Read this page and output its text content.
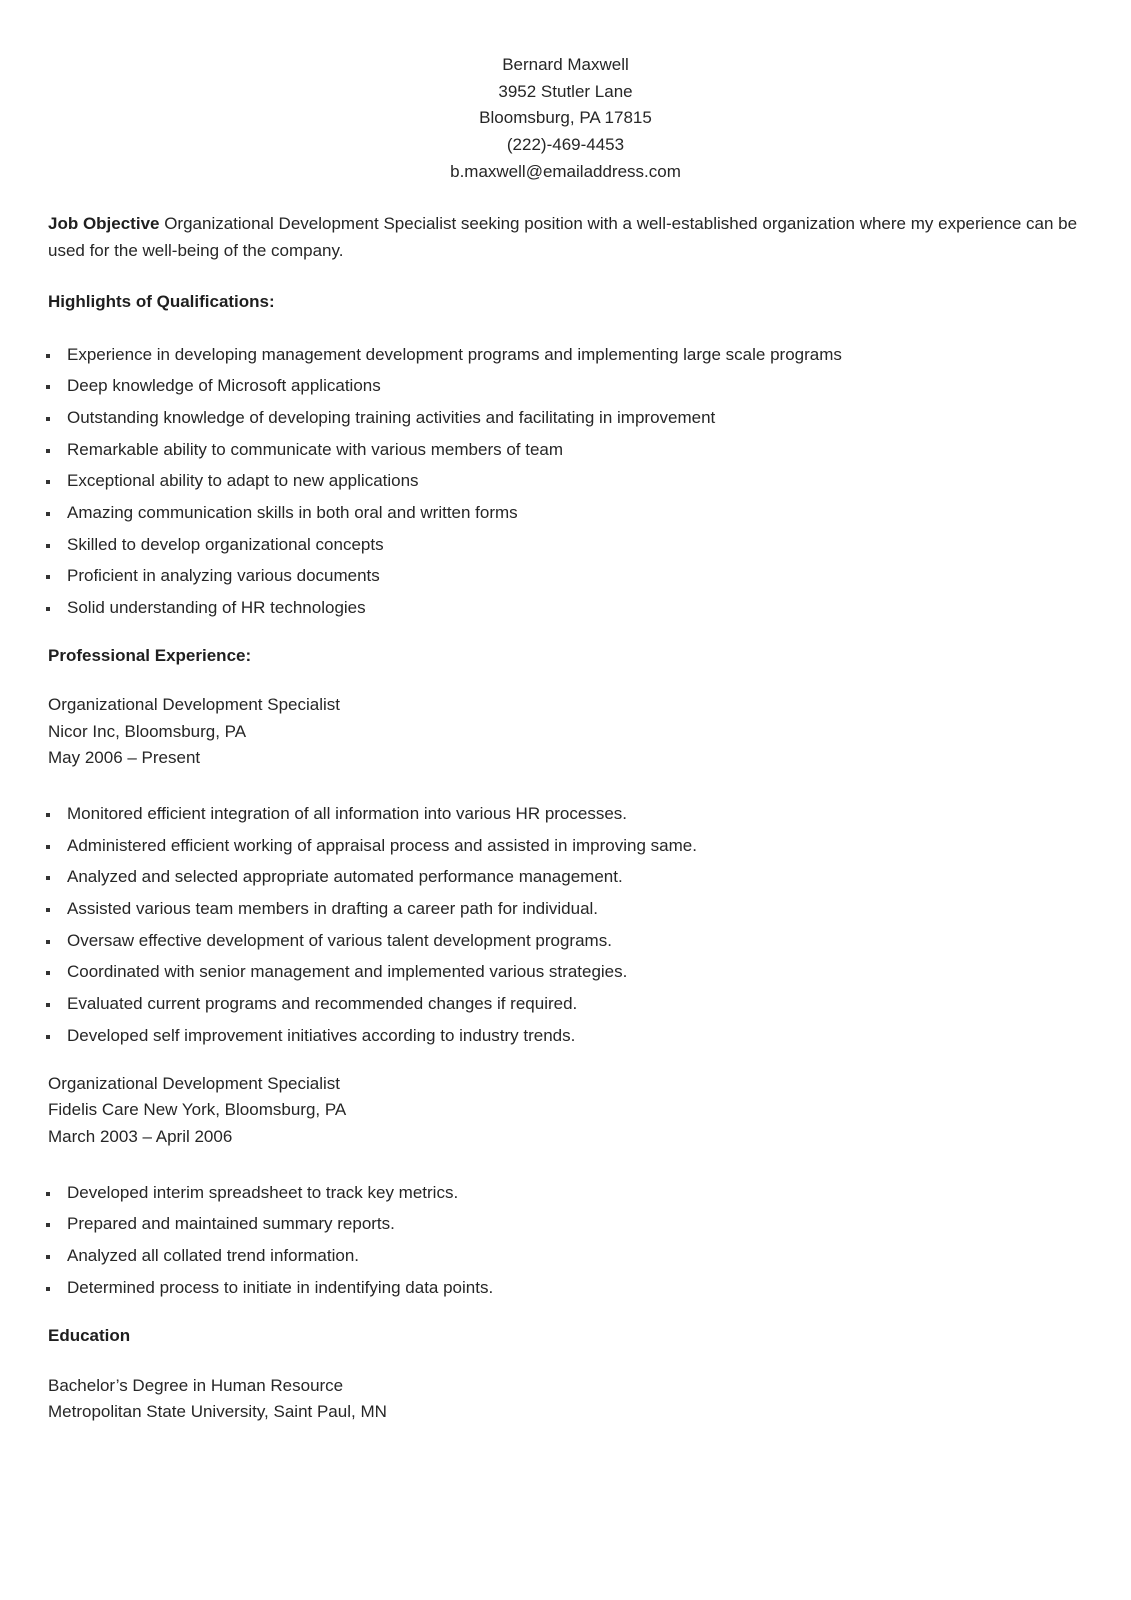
Bernard Maxwell
3952 Stutler Lane
Bloomsburg, PA 17815
(222)-469-4453
b.maxwell@emailaddress.com

Job Objective Organizational Development Specialist seeking position with a well-established organization where my experience can be used for the well-being of the company.

Highlights of Qualifications:
Experience in developing management development programs and implementing large scale programs
Deep knowledge of Microsoft applications
Outstanding knowledge of developing training activities and facilitating in improvement
Remarkable ability to communicate with various members of team
Exceptional ability to adapt to new applications
Amazing communication skills in both oral and written forms
Skilled to develop organizational concepts
Proficient in analyzing various documents
Solid understanding of HR technologies
Professional Experience:
Organizational Development Specialist
Nicor Inc, Bloomsburg, PA
May 2006 – Present
Monitored efficient integration of all information into various HR processes.
Administered efficient working of appraisal process and assisted in improving same.
Analyzed and selected appropriate automated performance management.
Assisted various team members in drafting a career path for individual.
Oversaw effective development of various talent development programs.
Coordinated with senior management and implemented various strategies.
Evaluated current programs and recommended changes if required.
Developed self improvement initiatives according to industry trends.
Organizational Development Specialist
Fidelis Care New York, Bloomsburg, PA
March 2003 – April 2006
Developed interim spreadsheet to track key metrics.
Prepared and maintained summary reports.
Analyzed all collated trend information.
Determined process to initiate in indentifying data points.
Education
Bachelor’s Degree in Human Resource
Metropolitan State University, Saint Paul, MN
